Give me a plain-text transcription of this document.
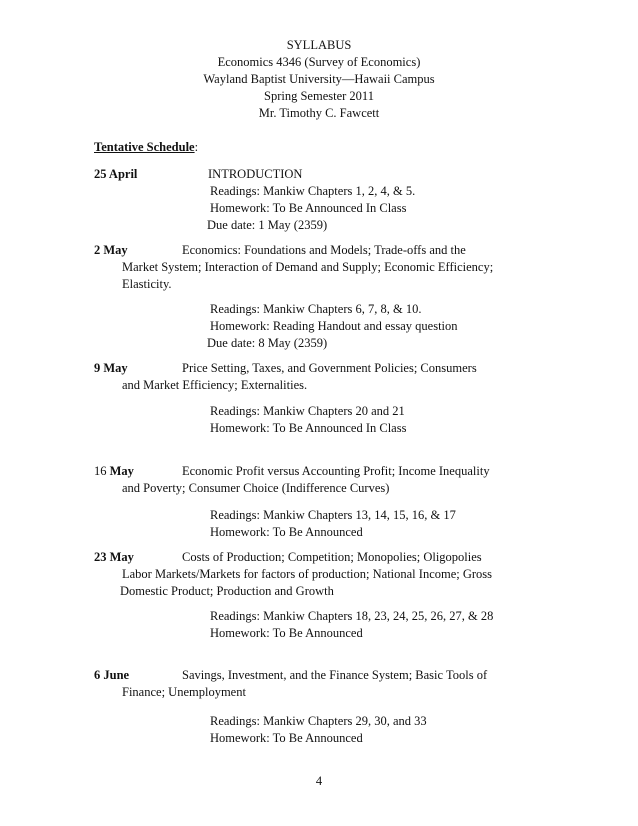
SYLLABUS
Economics 4346 (Survey of Economics)
Wayland Baptist University—Hawaii Campus
Spring Semester 2011
Mr. Timothy C. Fawcett
Tentative Schedule:
25 April	INTRODUCTION
Readings: Mankiw Chapters 1, 2, 4, & 5.
Homework: To Be Announced In Class
Due date: 1 May (2359)
2 May	Economics: Foundations and Models; Trade-offs and the
Market System; Interaction of Demand and Supply; Economic Efficiency;
Elasticity.
Readings: Mankiw Chapters 6, 7, 8, & 10.
Homework: Reading Handout and essay question
Due date: 8 May (2359)
9 May	Price Setting, Taxes, and Government Policies; Consumers
and Market Efficiency; Externalities.
Readings: Mankiw Chapters 20 and 21
Homework: To Be Announced In Class
16 May	Economic Profit versus Accounting Profit; Income Inequality
and Poverty; Consumer Choice (Indifference Curves)
Readings: Mankiw Chapters 13, 14, 15, 16, & 17
Homework: To Be Announced
23 May	Costs of Production; Competition; Monopolies; Oligopolies
Labor Markets/Markets for factors of production; National Income; Gross
Domestic Product; Production and Growth
Readings: Mankiw Chapters 18, 23, 24, 25, 26, 27, & 28
Homework: To Be Announced
6 June	Savings, Investment, and the Finance System; Basic Tools of
Finance; Unemployment
Readings: Mankiw Chapters 29, 30, and 33
Homework: To Be Announced
4
